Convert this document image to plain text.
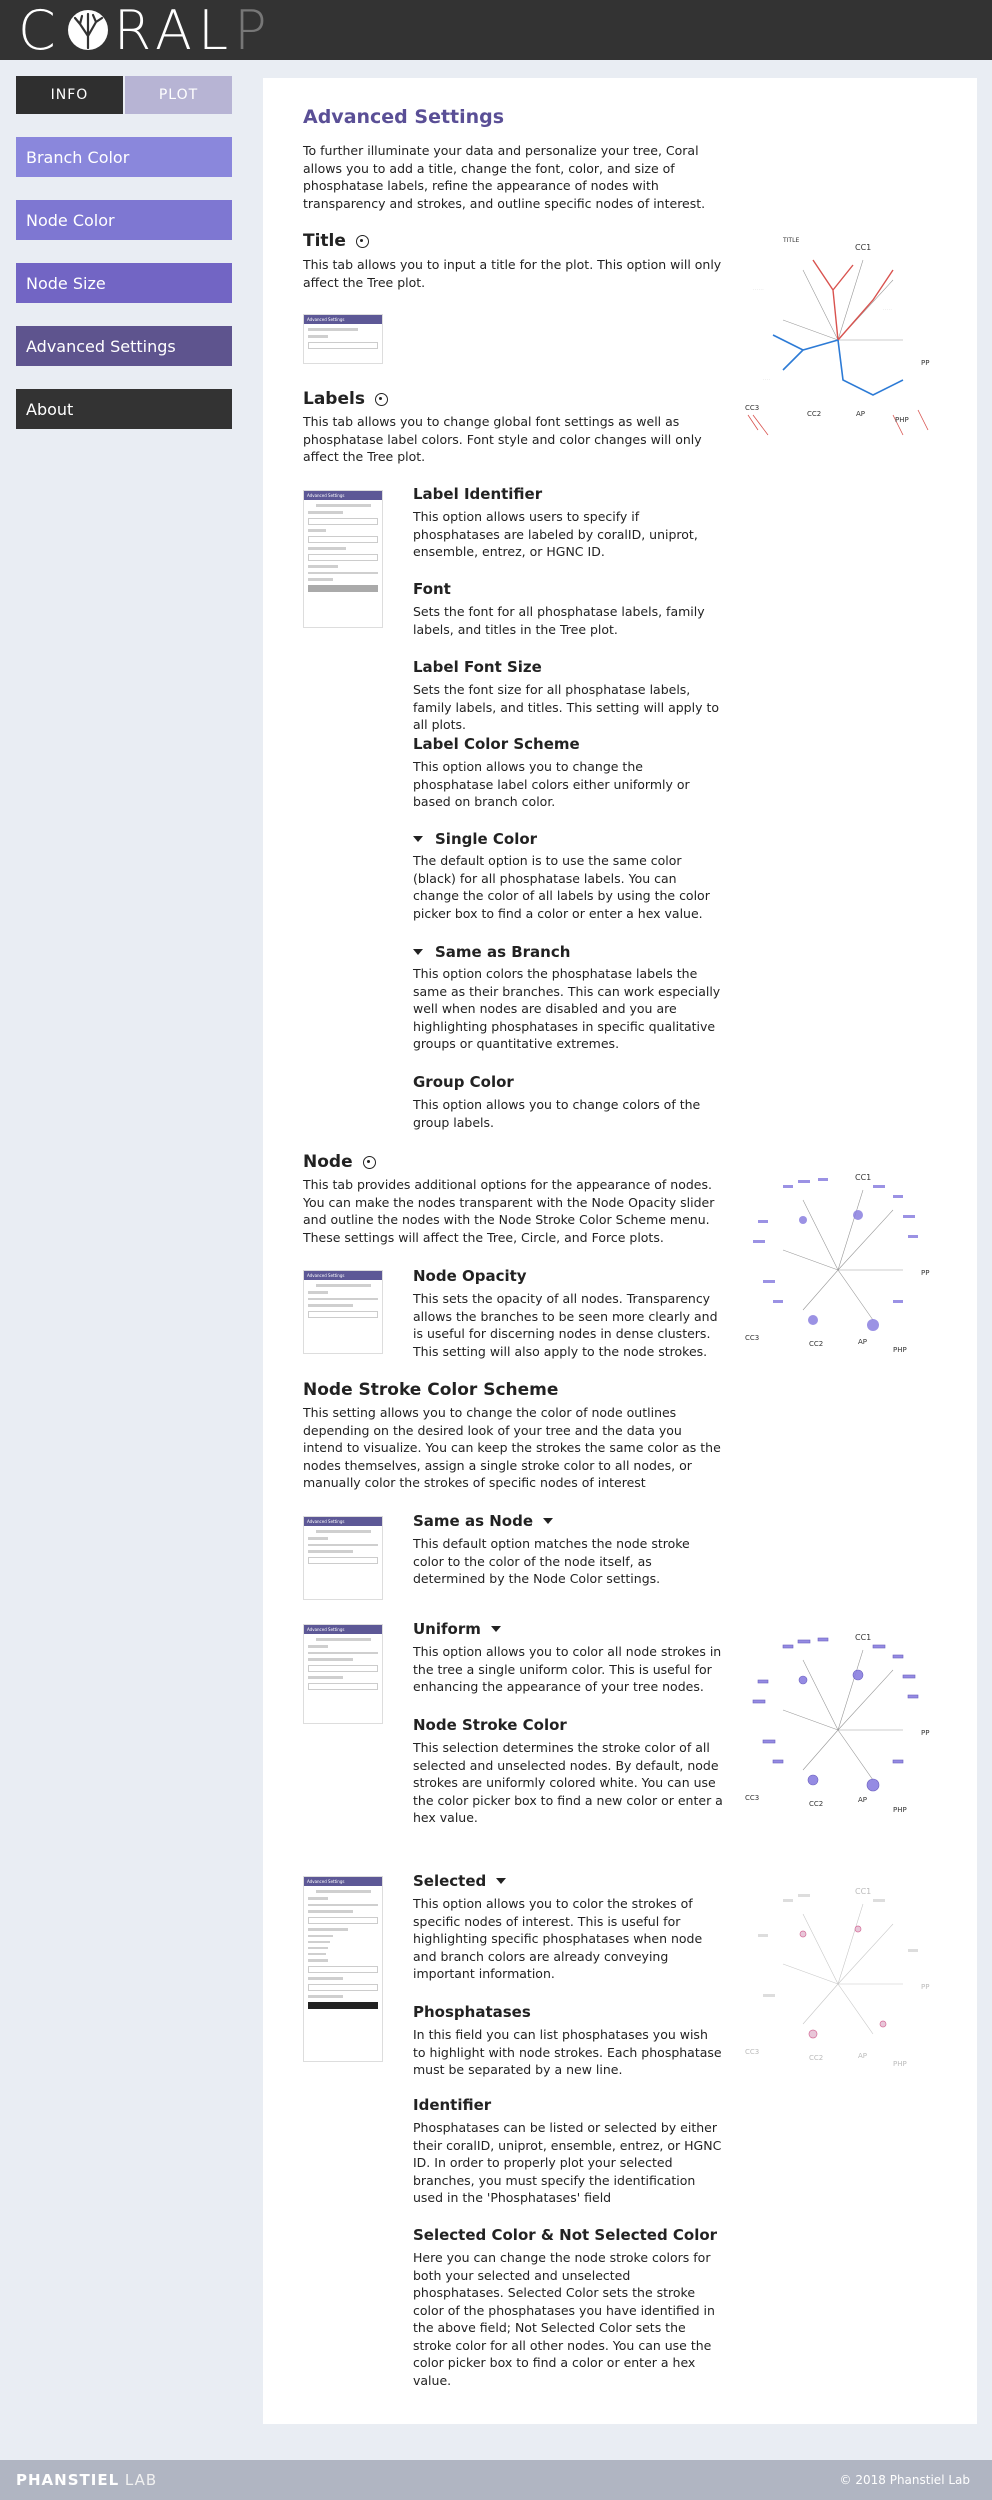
C RAL P
INFO	PLOT
Branch Color
Node Color
Node Size
Advanced Settings
About
Advanced Settings

To further illuminate your data and personalize your tree, Coral allows you to add a title, change the font, color, and size of phosphatase labels, refine the appearance of nodes with transparency and strokes, and outline specific nodes of interest.

Title

This tab allows you to input a title for the plot. This option will only affect the Tree plot.

Advanced Settings
TITLE
CC1
· · · · · ·
· · · · ·
· · · ·
CC3
CC2	AP
PHP
PP
Labels

This tab allows you to change global font settings as well as phosphatase label colors. Font style and color changes will only affect the Tree plot.

Advanced Settings	Label Identifier

This option allows users to specify if phosphatases are labeled by coralID, uniprot, ensemble, entrez, or HGNC ID.

Font

Sets the font for all phosphatase labels, family labels, and titles in the Tree plot.

Label Font Size

Sets the font size for all phosphatase labels, family labels, and titles. This setting will apply to all plots.

Label Color Scheme

This option allows you to change the phosphatase label colors either uniformly or based on branch color.

Single Color

The default option is to use the same color (black) for all phosphatase labels. You can change the color of all labels by using the color picker box to find a color or enter a hex value.

Same as Branch

This option colors the phosphatase labels the same as their branches. This can work especially well when nodes are disabled and you are highlighting phosphatases in specific qualitative groups or quantitative extremes.

Group Color

This option allows you to change colors of the group labels.

Node

This tab provides additional options for the appearance of nodes. You can make the nodes transparent with the Node Opacity slider and outline the nodes with the Node Stroke Color Scheme menu. These settings will affect the Tree, Circle, and Force plots.

CC1
CC3
CC2	AP
PHP
PP
Advanced Settings	Node Opacity

This sets the opacity of all nodes. Transparency allows the branches to be seen more clearly and is useful for discerning nodes in dense clusters. This setting will also apply to the node strokes.

Node Stroke Color Scheme

This setting allows you to change the color of node outlines depending on the desired look of your tree and the data you intend to visualize. You can keep the strokes the same color as the nodes themselves, assign a single stroke color to all nodes, or manually color the strokes of specific nodes of interest

Advanced Settings	Same as Node

This default option matches the node stroke color to the color of the node itself, as determined by the Node Color settings.

Advanced Settings	Uniform

This option allows you to color all node strokes in the tree a single uniform color. This is useful for enhancing the appearance of your tree nodes.

CC1
CC3
CC2	AP
PHP
PP
Node Stroke Color

This selection determines the stroke color of all selected and unselected nodes. By default, node strokes are uniformly colored white. You can use the color picker box to find a new color or enter a hex value.

Advanced Settings	Selected

This option allows you to color the strokes of specific nodes of interest. This is useful for highlighting specific phosphatases when node and branch colors are already conveying important information.

CC1
CC3
CC2	AP
PHP
PP
Phosphatases

In this field you can list phosphatases you wish to highlight with node strokes. Each phosphatase must be separated by a new line.

Identifier

Phosphatases can be listed or selected by either their coralID, uniprot, ensemble, entrez, or HGNC ID. In order to properly plot your selected branches, you must specify the identification used in the 'Phosphatases' field

Selected Color & Not Selected Color

Here you can change the node stroke colors for both your selected and unselected phosphatases. Selected Color sets the stroke color of the phosphatases you have identified in the above field; Not Selected Color sets the stroke color for all other nodes. You can use the color picker box to find a color or enter a hex value.

PHANSTIEL LAB	© 2018 Phanstiel Lab
